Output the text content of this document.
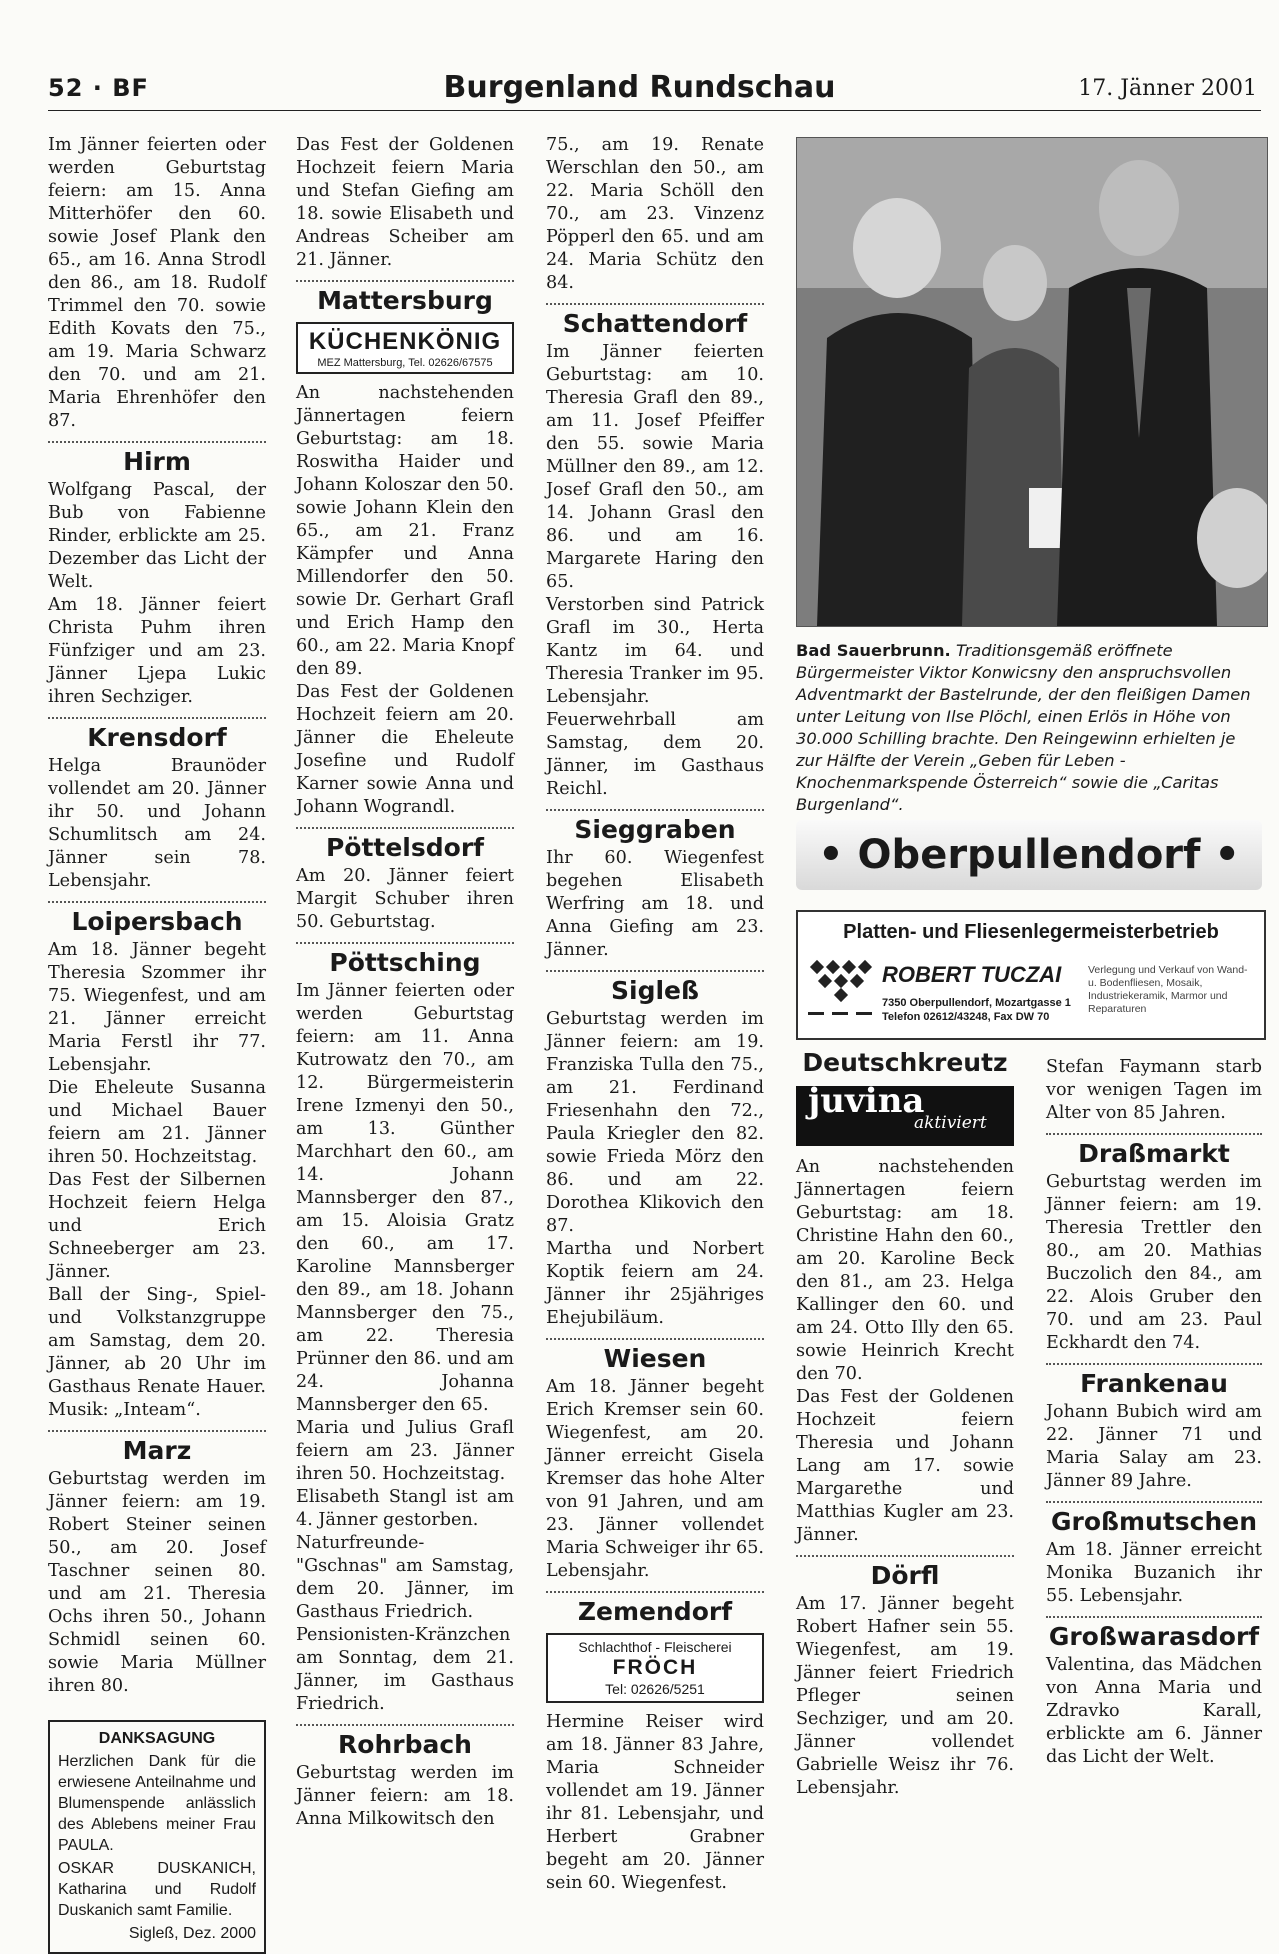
52 · BF	Burgenland Rundschau	17. Jänner 2001

Im Jänner feierten oder werden Geburtstag feiern: am 15. Anna Mitterhöfer den 60. sowie Josef Plank den 65., am 16. Anna Strodl den 86., am 18. Rudolf Trimmel den 70. sowie Edith Kovats den 75., am 19. Maria Schwarz den 70. und am 21. Maria Ehrenhöfer den 87.

Hirm

Wolfgang Pascal, der Bub von Fabienne Rinder, erblickte am 25. Dezember das Licht der Welt.

Am 18. Jänner feiert Christa Puhm ihren Fünfziger und am 23. Jänner Ljepa Lukic ihren Sechziger.

Krensdorf

Helga Braunöder vollendet am 20. Jänner ihr 50. und Johann Schumlitsch am 24. Jänner sein 78. Lebensjahr.

Loipersbach

Am 18. Jänner begeht Theresia Szommer ihr 75. Wiegenfest, und am 21. Jänner erreicht Maria Ferstl ihr 77. Lebensjahr.

Die Eheleute Susanna und Michael Bauer feiern am 21. Jänner ihren 50. Hochzeitstag.

Das Fest der Silbernen Hochzeit feiern Helga und Erich Schneeberger am 23. Jänner.

Ball der Sing-, Spiel- und Volkstanzgruppe am Samstag, dem 20. Jänner, ab 20 Uhr im Gasthaus Renate Hauer. Musik: „Inteam“.

Marz

Geburtstag werden im Jänner feiern: am 19. Robert Steiner seinen 50., am 20. Josef Taschner seinen 80. und am 21. Theresia Ochs ihren 50., Johann Schmidl seinen 60. sowie Maria Müllner ihren 80.

DANKSAGUNG

Herzlichen Dank für die erwiesene Anteilnahme und Blumenspende anlässlich des Ablebens meiner Frau PAULA.

OSKAR DUSKANICH, Katharina und Rudolf Duskanich samt Familie.

Sigleß, Dez. 2000

Das Fest der Goldenen Hochzeit feiern Maria und Stefan Giefing am 18. sowie Elisabeth und Andreas Scheiber am 21. Jänner.

Mattersburg
KÜCHENKÖNIG
MEZ Mattersburg, Tel. 02626/67575

An nachstehenden Jännertagen feiern Geburtstag: am 18. Roswitha Haider und Johann Koloszar den 50. sowie Johann Klein den 65., am 21. Franz Kämpfer und Anna Millendorfer den 50. sowie Dr. Gerhart Grafl und Erich Hamp den 60., am 22. Maria Knopf den 89.

Das Fest der Goldenen Hochzeit feiern am 20. Jänner die Eheleute Josefine und Rudolf Karner sowie Anna und Johann Wograndl.

Pöttelsdorf

Am 20. Jänner feiert Margit Schuber ihren 50. Geburtstag.

Pöttsching

Im Jänner feierten oder werden Geburtstag feiern: am 11. Anna Kutrowatz den 70., am 12. Bürgermeisterin Irene Izmenyi den 50., am 13. Günther Marchhart den 60., am 14. Johann Mannsberger den 87., am 15. Aloisia Gratz den 60., am 17. Karoline Mannsberger den 89., am 18. Johann Mannsberger den 75., am 22. Theresia Prünner den 86. und am 24. Johanna Mannsberger den 65.

Maria und Julius Grafl feiern am 23. Jänner ihren 50. Hochzeitstag.

Elisabeth Stangl ist am 4. Jänner gestorben.

Naturfreunde-"Gschnas" am Samstag, dem 20. Jänner, im Gasthaus Friedrich.

Pensionisten-Kränzchen am Sonntag, dem 21. Jänner, im Gasthaus Friedrich.

Rohrbach

Geburtstag werden im Jänner feiern: am 18. Anna Milkowitsch den

75., am 19. Renate Werschlan den 50., am 22. Maria Schöll den 70., am 23. Vinzenz Pöpperl den 65. und am 24. Maria Schütz den 84.

Schattendorf

Im Jänner feierten Geburtstag: am 10. Theresia Grafl den 89., am 11. Josef Pfeiffer den 55. sowie Maria Müllner den 89., am 12. Josef Grafl den 50., am 14. Johann Grasl den 86. und am 16. Margarete Haring den 65.

Verstorben sind Patrick Grafl im 30., Herta Kantz im 64. und Theresia Tranker im 95. Lebensjahr.

Feuerwehrball am Samstag, dem 20. Jänner, im Gasthaus Reichl.

Sieggraben

Ihr 60. Wiegenfest begehen Elisabeth Werfring am 18. und Anna Giefing am 23. Jänner.

Sigleß

Geburtstag werden im Jänner feiern: am 19. Franziska Tulla den 75., am 21. Ferdinand Friesenhahn den 72., Paula Kriegler den 82. sowie Frieda Mörz den 86. und am 22. Dorothea Klikovich den 87.

Martha und Norbert Koptik feiern am 24. Jänner ihr 25jähriges Ehejubiläum.

Wiesen

Am 18. Jänner begeht Erich Kremser sein 60. Wiegenfest, am 20. Jänner erreicht Gisela Kremser das hohe Alter von 91 Jahren, und am 23. Jänner vollendet Maria Schweiger ihr 65. Lebensjahr.

Zemendorf
Schlachthof - Fleischerei
FRÖCH
Tel: 02626/5251

Hermine Reiser wird am 18. Jänner 83 Jahre, Maria Schneider vollendet am 19. Jänner ihr 81. Lebensjahr, und Herbert Grabner begeht am 20. Jänner sein 60. Wiegenfest.

Bad Sauerbrunn. Traditionsgemäß eröffnete Bürgermeister Viktor Konwicsny den anspruchsvollen Adventmarkt der Bastelrunde, der den fleißigen Damen unter Leitung von Ilse Plöchl, einen Erlös in Höhe von 30.000 Schilling brachte. Den Reingewinn erhielten je zur Hälfte der Verein „Geben für Leben - Knochenmarkspende Österreich“ sowie die „Caritas Burgenland“.
• Oberpullendorf •
Platten- und Fliesenlegermeisterbetrieb
ROBERT TUCZAI
7350 Oberpullendorf, Mozartgasse 1
Telefon 02612/43248, Fax DW 70
Verlegung und Verkauf von Wand- u. Bodenfliesen, Mosaik, Industriekeramik, Marmor und Reparaturen
Deutschkreutz
juvina
aktiviert

An nachstehenden Jännertagen feiern Geburtstag: am 18. Christine Hahn den 60., am 20. Karoline Beck den 81., am 23. Helga Kallinger den 60. und am 24. Otto Illy den 65. sowie Heinrich Krecht den 70.

Das Fest der Goldenen Hochzeit feiern Theresia und Johann Lang am 17. sowie Margarethe und Matthias Kugler am 23. Jänner.

Dörfl

Am 17. Jänner begeht Robert Hafner sein 55. Wiegenfest, am 19. Jänner feiert Friedrich Pfleger seinen Sechziger, und am 20. Jänner vollendet Gabrielle Weisz ihr 76. Lebensjahr.

Stefan Faymann starb vor wenigen Tagen im Alter von 85 Jahren.

Draßmarkt

Geburtstag werden im Jänner feiern: am 19. Theresia Trettler den 80., am 20. Mathias Buczolich den 84., am 22. Alois Gruber den 70. und am 23. Paul Eckhardt den 74.

Frankenau

Johann Bubich wird am 22. Jänner 71 und Maria Salay am 23. Jänner 89 Jahre.

Großmutschen

Am 18. Jänner erreicht Monika Buzanich ihr 55. Lebensjahr.

Großwarasdorf

Valentina, das Mädchen von Anna Maria und Zdravko Karall, erblickte am 6. Jänner das Licht der Welt.
